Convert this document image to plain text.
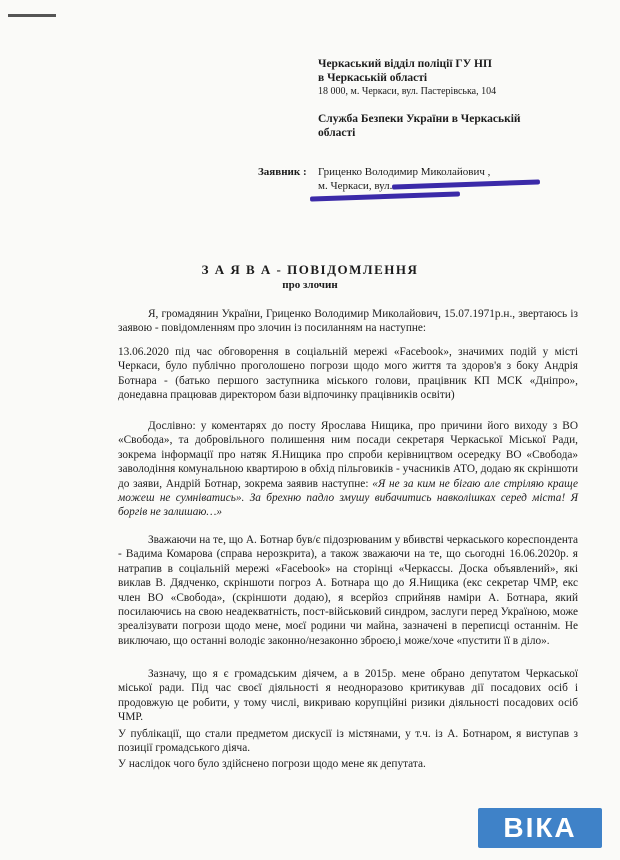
Черкаський відділ поліції ГУ НП
в Черкаській області
18 000, м. Черкаси, вул. Пастерівська, 104
Служба Безпеки України в Черкаській
області
Заявник : Гриценко Володимир Миколайович ,
м. Черкаси, вул.
З А Я В А - ПОВІДОМЛЕННЯ
про злочин
Я, громадянин України, Гриценко Володимир Миколайович, 15.07.1971р.н., звертаюсь із заявою - повідомленням про злочин із посиланням на наступне:
13.06.2020 під час обговорення в соціальній мережі «Facebook», значимих подій у місті Черкаси, було публічно проголошено погрози щодо мого життя та здоров'я з боку Андрія Ботнара - (батько першого заступника міського голови, працівник КП МСК «Дніпро», донедавна працював директором бази відпочинку працівників освіти)
Дослівно: у коментарях до посту Ярослава Нищика, про причини його виходу з ВО «Свобода», та добровільного полишення ним посади секретаря Черкаської Міської Ради, зокрема інформації про натяк Я.Нищика про спроби керівництвом осередку ВО «Свобода» заволодіння комунальною квартирою в обхід пільговиків - учасників АТО, додаю як скріншоти до заяви, Андрій Ботнар, зокрема заявив наступне: «Я не за ким не бігаю але стріляю краще можеш не сумніватись». За брехню падло змушу вибачитись навколішках серед міста! Я боргів не залишаю…»
Зважаючи на те, що А. Ботнар був/є підозрюваним у вбивстві черкаського кореспондента - Вадима Комарова (справа нерозкрита), а також зважаючи на те, що сьогодні 16.06.2020р. я натрапив в соціальній мережі «Facebook» на сторінці «Черкассы. Доска объявлений», які виклав В. Дядченко, скріншоти погроз А. Ботнара що до Я.Нищика (екс секретар ЧМР, екс член ВО «Свобода», (скріншоти додаю), я всерйоз сприйняв наміри А. Ботнара, який посилаючись на свою неадекватність, пост-військовий синдром, заслуги перед Україною, може зреалізувати погрози щодо мене, моєї родини чи майна, зазначені в переписці останнім. Не виключаю, що останні володіє законно/незаконно зброєю,і може/хоче «пустити її в діло».
Зазначу, що я є громадським діячем, а в 2015р. мене обрано депутатом Черкаської міської ради. Під час своєї діяльності я неодноразово критикував дії посадових осіб і продовжую це робити, у тому числі, викриваю корупційні ризики діяльності посадових осіб ЧМР.
У публікації, що стали предметом дискусії із містянами, у т.ч. із А. Ботнаром, я виступав з позиції громадського діяча.
У наслідок чого було здійснено погрози щодо мене як депутата.
ВІКА
